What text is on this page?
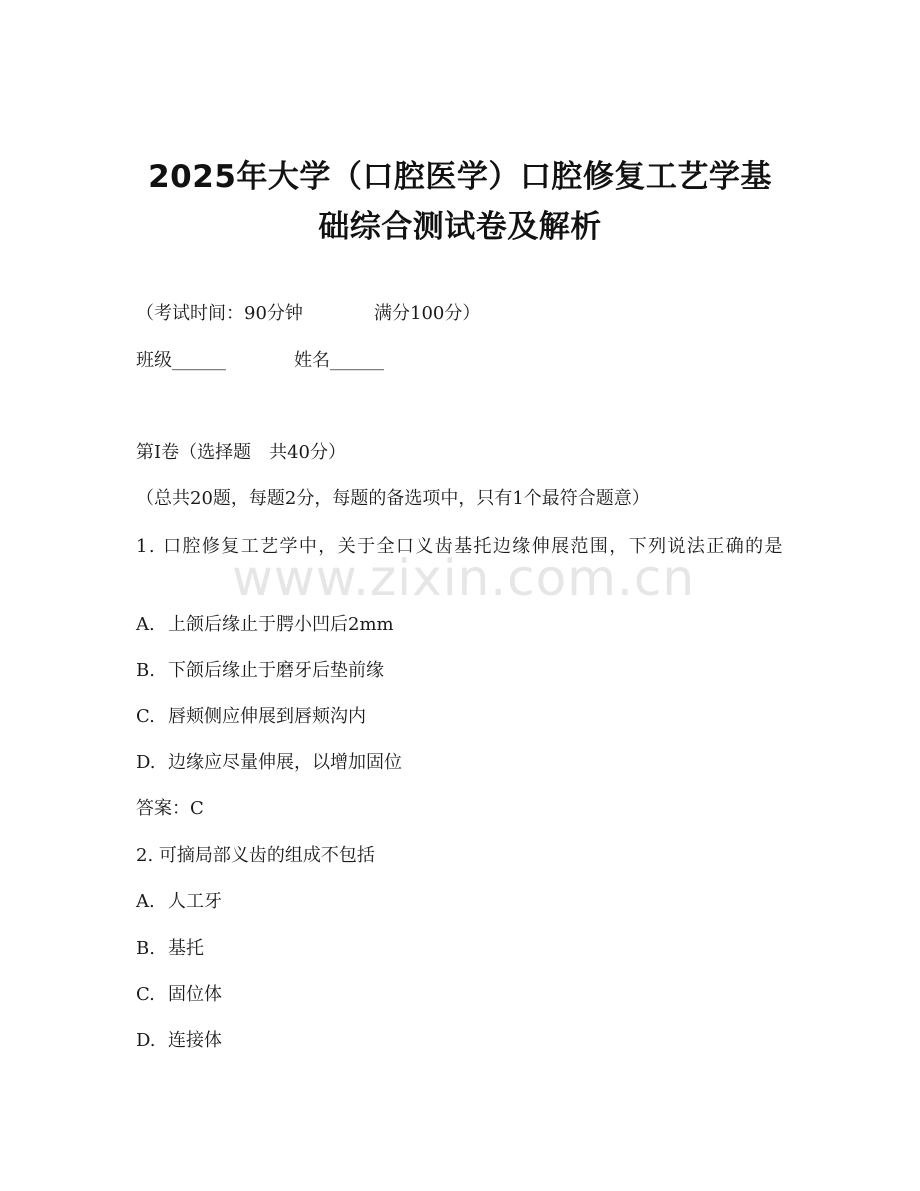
2025年大学（口腔医学）口腔修复工艺学基
础综合测试卷及解析
（考试时间：90分钟	满分100分）
班级______	姓名______
第I卷（选择题　共40分）
（总共20题，每题2分，每题的备选项中，只有1个最符合题意）
1. 口腔修复工艺学中，关于全口义齿基托边缘伸展范围，下列说法正确的是
A. 上颌后缘止于腭小凹后2mm
B. 下颌后缘止于磨牙后垫前缘
C. 唇颊侧应伸展到唇颊沟内
D. 边缘应尽量伸展，以增加固位
答案：C
2. 可摘局部义齿的组成不包括
A. 人工牙
B. 基托
C. 固位体
D. 连接体
www.zixin.com.cn
